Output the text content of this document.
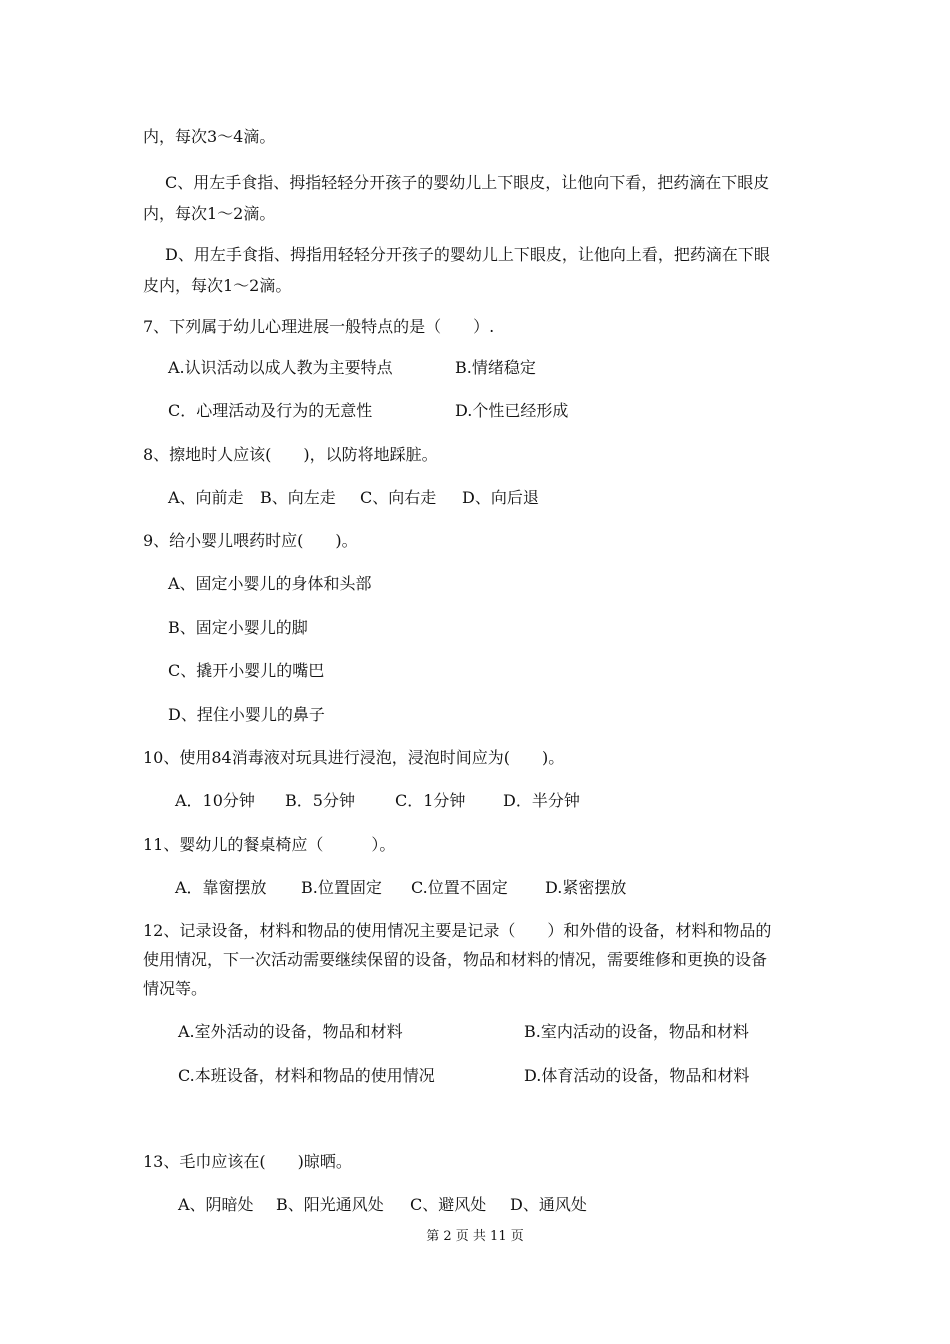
内，每次3～4滴。
C、用左手食指、拇指轻轻分开孩子的婴幼儿上下眼皮，让他向下看，把药滴在下眼皮
内，每次1～2滴。
D、用左手食指、拇指用轻轻分开孩子的婴幼儿上下眼皮，让他向上看，把药滴在下眼
皮内，每次1～2滴。
7、下列属于幼儿心理进展一般特点的是（　　）.
A.认识活动以成人教为主要特点	B.情绪稳定
C．心理活动及行为的无意性	D.个性已经形成
8、擦地时人应该(　　)，以防将地踩脏。
A、向前走 B、向左走 C、向右走 D、向后退
9、给小婴儿喂药时应(　　)。
A、固定小婴儿的身体和头部
B、固定小婴儿的脚
C、撬开小婴儿的嘴巴
D、捏住小婴儿的鼻子
10、使用84消毒液对玩具进行浸泡，浸泡时间应为(　　)。
A．10分钟 B．5分钟	C．1分钟 D．半分钟
11、婴幼儿的餐桌椅应（　　　）。
A．靠窗摆放 B.位置固定 C.位置不固定 D.紧密摆放
12、记录设备，材料和物品的使用情况主要是记录（　　）和外借的设备，材料和物品的
使用情况，下一次活动需要继续保留的设备，物品和材料的情况，需要维修和更换的设备
情况等。
A.室外活动的设备，物品和材料	B.室内活动的设备，物品和材料
C.本班设备，材料和物品的使用情况	D.体育活动的设备，物品和材料
13、毛巾应该在(　　)晾晒。
A、阴暗处 B、阳光通风处 C、避风处 D、通风处
第 2 页 共 11 页
